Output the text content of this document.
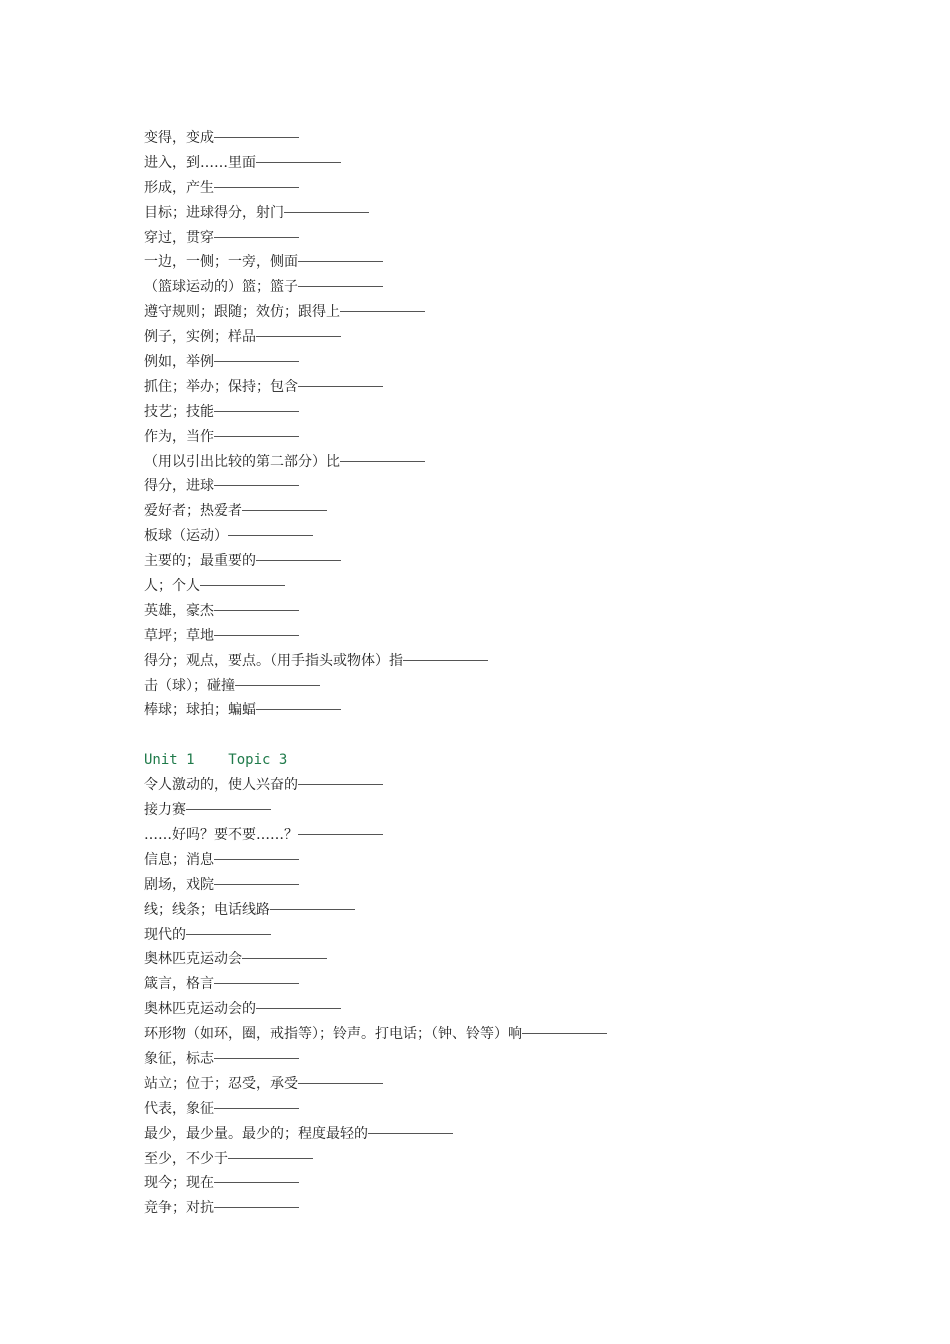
变得，变成
进入，到……里面
形成，产生
目标；进球得分，射门
穿过，贯穿
一边，一侧；一旁，侧面
（篮球运动的）篮；篮子
遵守规则；跟随；效仿；跟得上
例子，实例；样品
例如，举例
抓住；举办；保持；包含
技艺；技能
作为，当作
（用以引出比较的第二部分）比
得分，进球
爱好者；热爱者
板球（运动）
主要的；最重要的
人；个人
英雄，豪杰
草坪；草地
得分；观点，要点。（用手指头或物体）指
击（球）；碰撞
棒球；球拍；蝙蝠
Unit 1    Topic 3
令人激动的，使人兴奋的
接力赛
……好吗？要不要……？
信息；消息
剧场，戏院
线；线条；电话线路
现代的
奥林匹克运动会
箴言，格言
奥林匹克运动会的
环形物（如环，圈，戒指等）；铃声。打电话；（钟、铃等）响
象征，标志
站立；位于；忍受，承受
代表，象征
最少，最少量。最少的；程度最轻的
至少，不少于
现今；现在
竞争；对抗
